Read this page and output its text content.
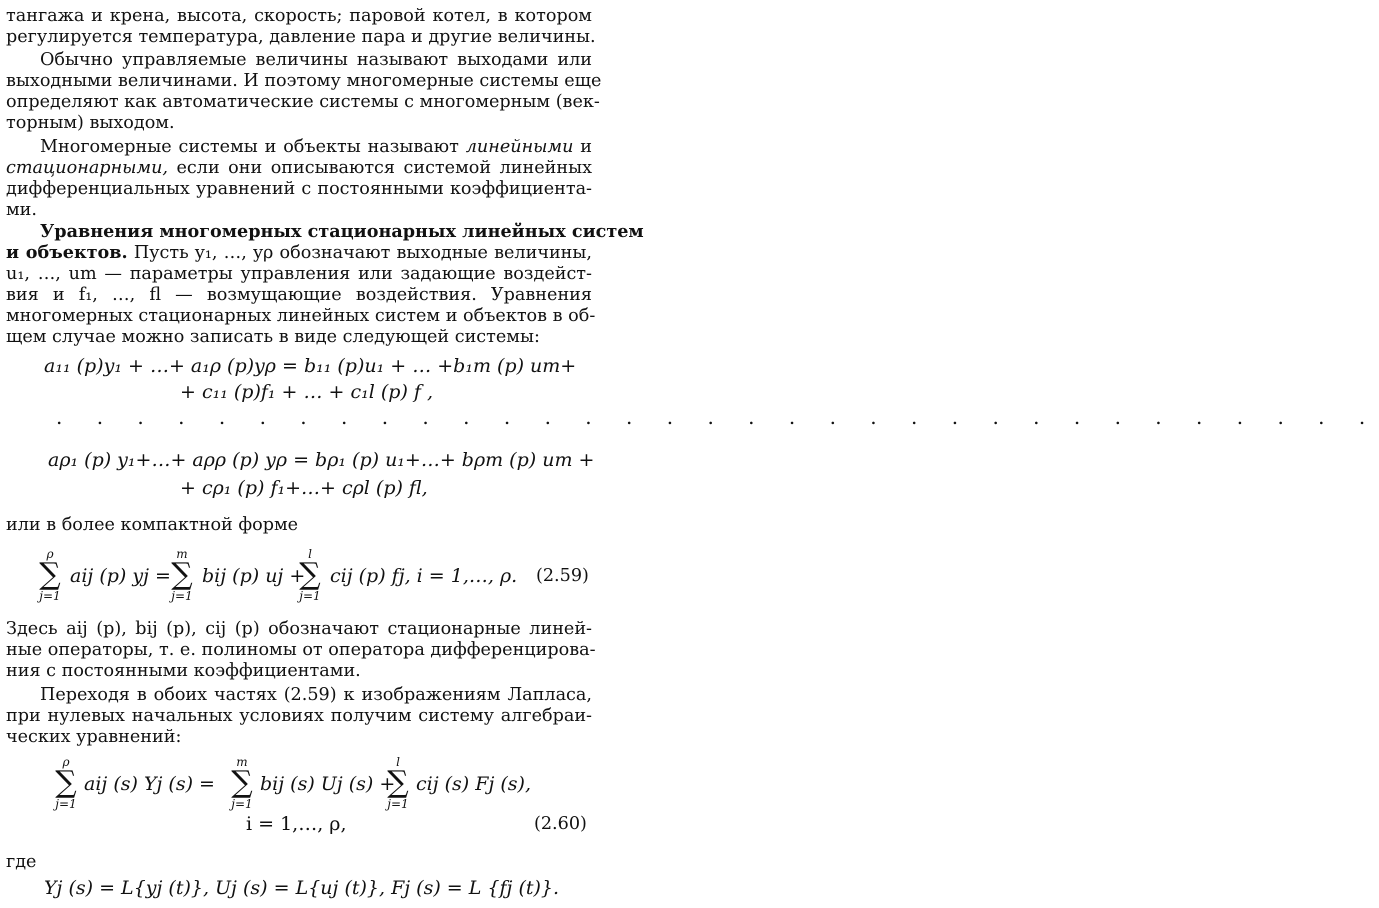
тангажа и крена, высота, скорость; паровой котел, в котором
регулируется температура, давление пара и другие величины.
Обычно управляемые величины называют выходами или
выходными величинами. И поэтому многомерные системы еще
определяют как автоматические системы с многомерным (век-
торным) выходом.
Многомерные системы и объекты называют линейными и
стационарными, если они описываются системой линейных
дифференциальных уравнений с постоянными коэффициента-
ми.
Уравнения многомерных стационарных линейных систем
и объектов. Пусть y₁, …, yρ обозначают выходные величины,
u₁, …, um — параметры управления или задающие воздейст-
вия и f₁, …, fl — возмущающие воздействия. Уравнения
многомерных стационарных линейных систем и объектов в об-
щем случае можно записать в виде следующей системы:
a₁₁ (p)y₁ + …+ a₁ρ (p)yρ = b₁₁ (p)u₁ + … +b₁m (p) um+
+ c₁₁ (p)f₁ + … + c₁l (p) f ,
. . . . . . . . . . . . . . . . . . . . . . . . . . . . . . . . .
aρ₁ (p) y₁+…+ aρρ (p) yρ = bρ₁ (p) u₁+…+ bρm (p) um +
+ cρ₁ (p) f₁+…+ cρl (p) fl,
или в более компактной форме
ρ
∑
j=1
aij (p) yj =
m
∑
j=1
bij (p) uj +
l
∑
j=1
cij (p) fj, i = 1,…, ρ. (2.59)
Здесь aij (p), bij (p), cij (p) обозначают стационарные линей-
ные операторы, т. е. полиномы от оператора дифференцирова-
ния с постоянными коэффициентами.
Переходя в обоих частях (2.59) к изображениям Лапласа,
при нулевых начальных условиях получим систему алгебраи-
ческих уравнений:
ρ
∑
j=1
aij (s) Yj (s) =
m
∑
j=1
bij (s) Uj (s) +
l
∑
j=1
cij (s) Fj (s),
i = 1,…, ρ,	(2.60)
где
Yj (s) = L{yj (t)}, Uj (s) = L{uj (t)}, Fj (s) = L {fj (t)}.
